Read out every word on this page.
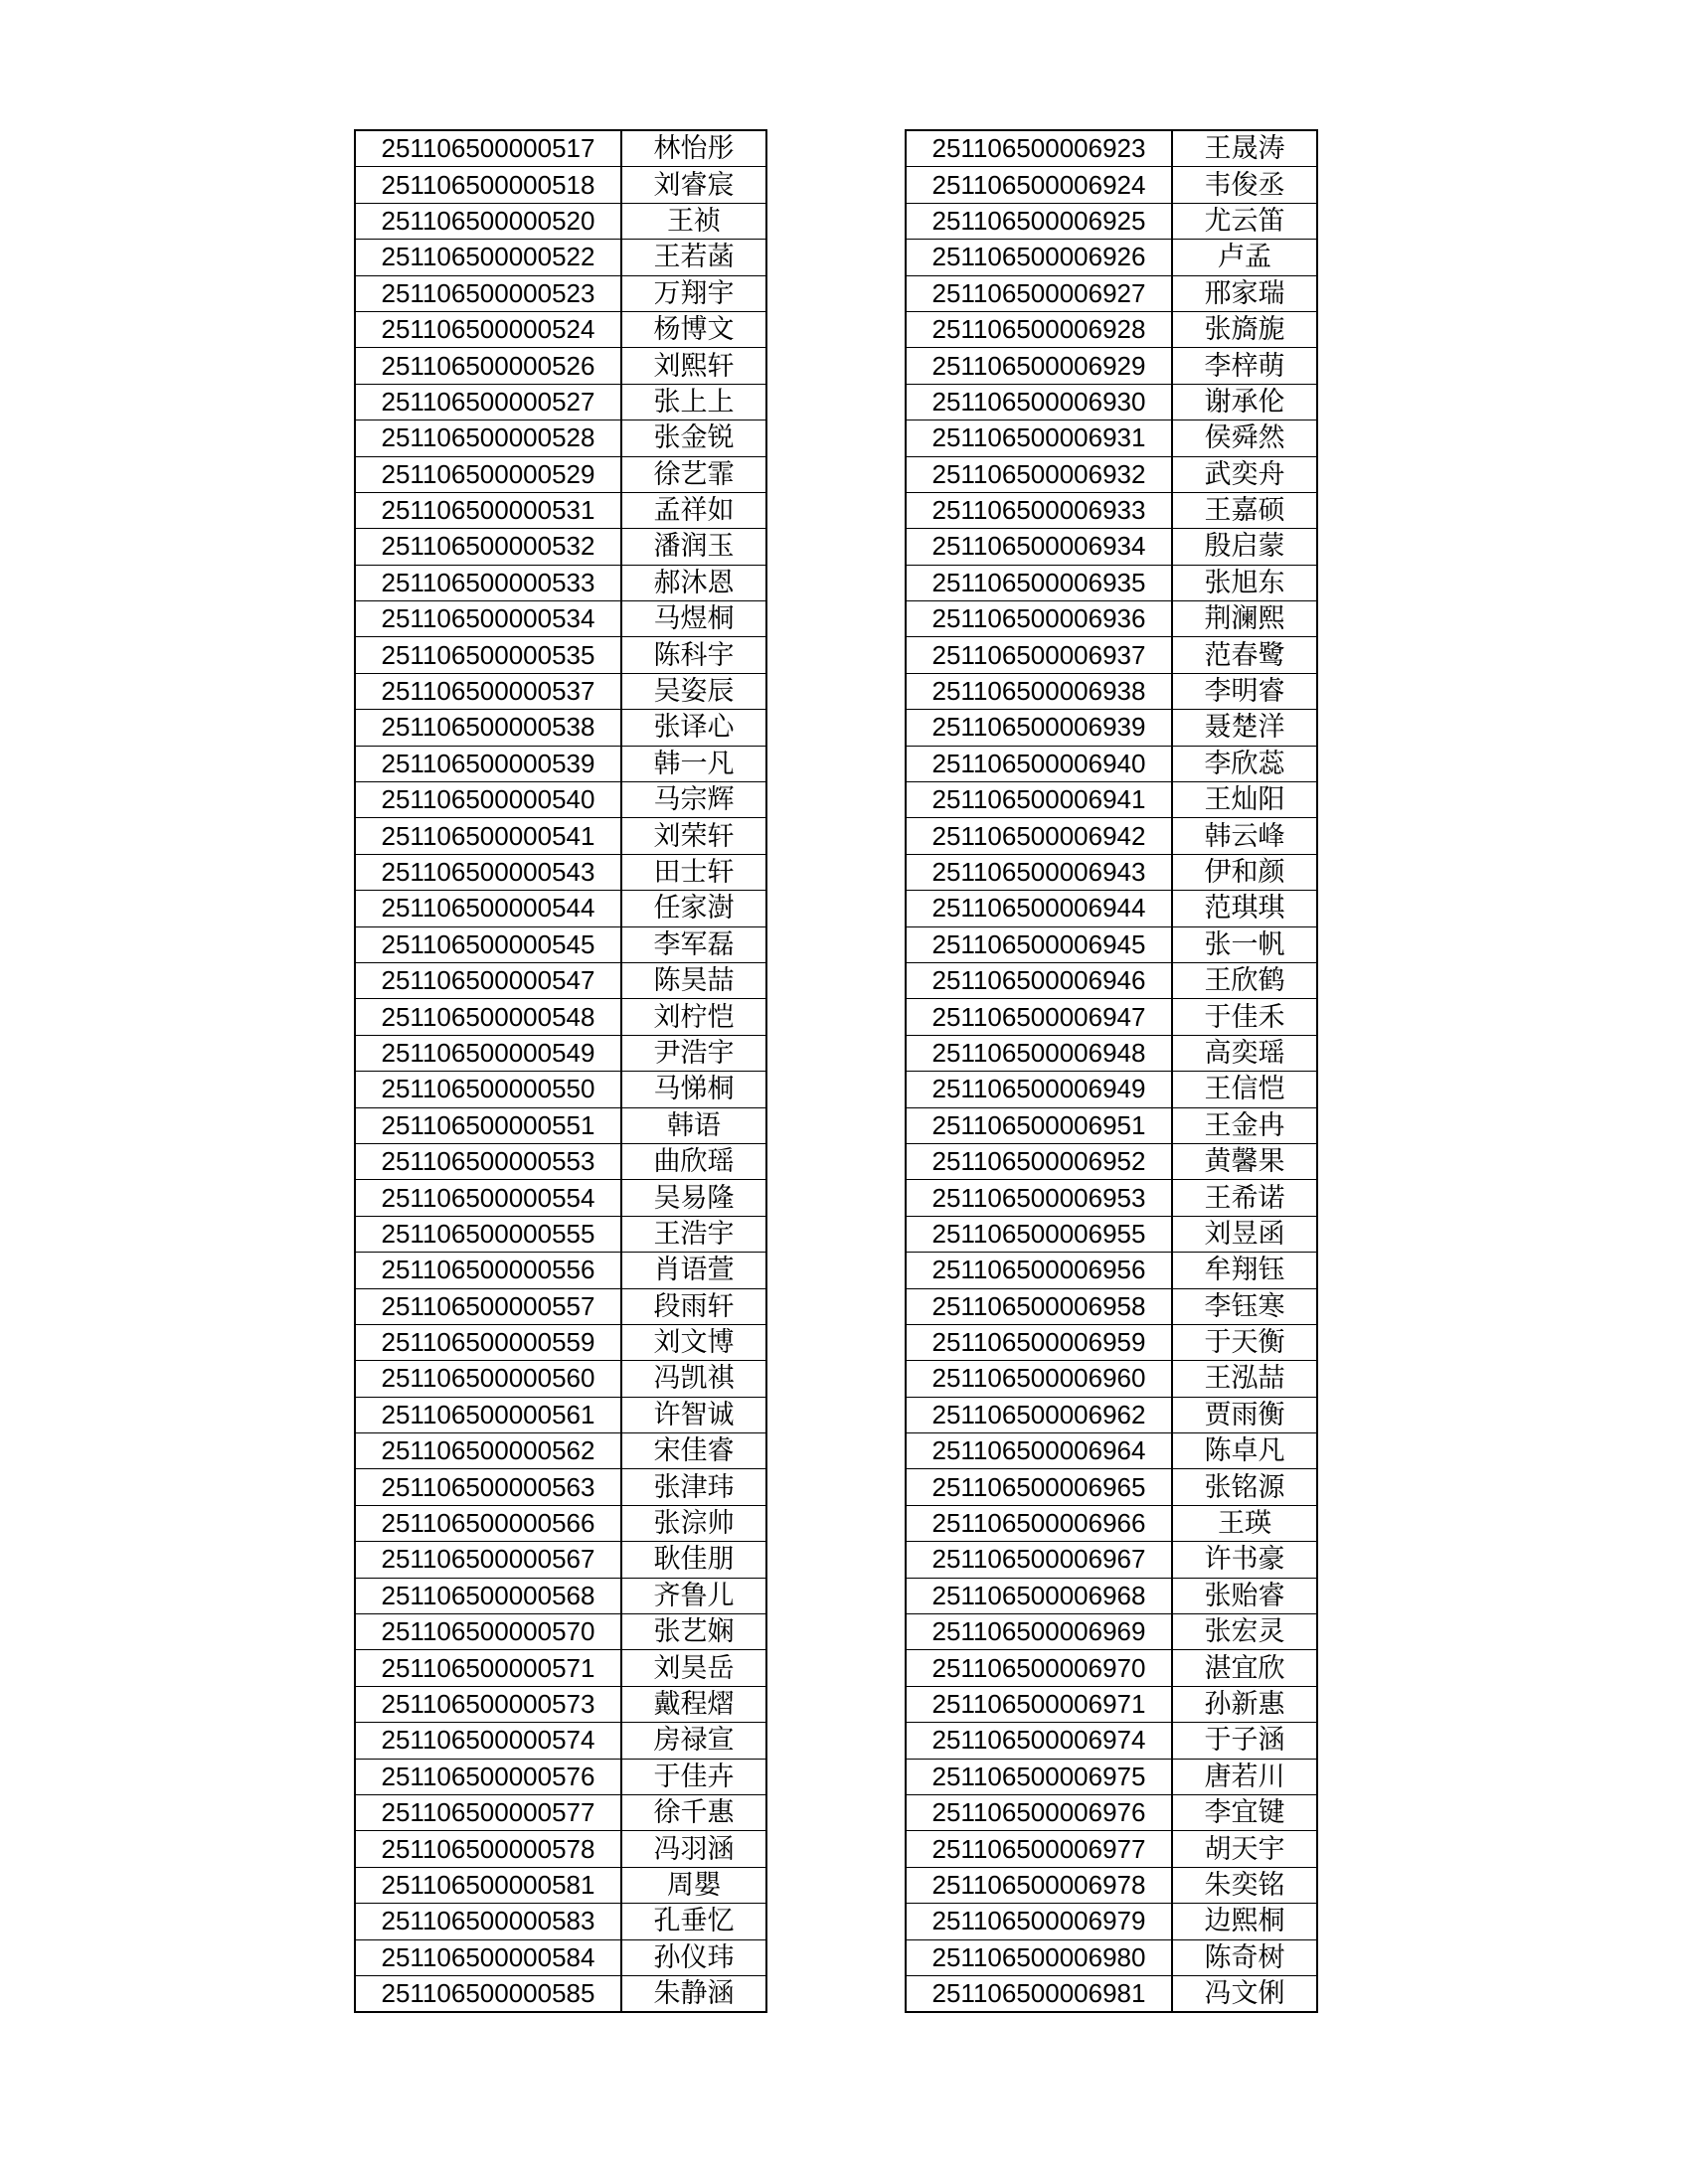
251106500000517	林怡彤
251106500000518	刘睿宸
251106500000520	王祯
251106500000522	王若菡
251106500000523	万翔宇
251106500000524	杨博文
251106500000526	刘熙轩
251106500000527	张上上
251106500000528	张金锐
251106500000529	徐艺霏
251106500000531	孟祥如
251106500000532	潘润玉
251106500000533	郝沐恩
251106500000534	马煜桐
251106500000535	陈科宇
251106500000537	吴姿辰
251106500000538	张译心
251106500000539	韩一凡
251106500000540	马宗辉
251106500000541	刘荣轩
251106500000543	田士轩
251106500000544	任家澍
251106500000545	李军磊
251106500000547	陈昊喆
251106500000548	刘柠恺
251106500000549	尹浩宇
251106500000550	马悌桐
251106500000551	韩语
251106500000553	曲欣瑶
251106500000554	吴易隆
251106500000555	王浩宇
251106500000556	肖语萱
251106500000557	段雨轩
251106500000559	刘文博
251106500000560	冯凯祺
251106500000561	许智诚
251106500000562	宋佳睿
251106500000563	张津玮
251106500000566	张淙帅
251106500000567	耿佳朋
251106500000568	齐鲁儿
251106500000570	张艺娴
251106500000571	刘昊岳
251106500000573	戴程熠
251106500000574	房禄宣
251106500000576	于佳卉
251106500000577	徐千惠
251106500000578	冯羽涵
251106500000581	周嬰
251106500000583	孔垂忆
251106500000584	孙仪玮
251106500000585	朱静涵
251106500006923	王晟涛
251106500006924	韦俊丞
251106500006925	尤云笛
251106500006926	卢孟
251106500006927	邢家瑞
251106500006928	张旖旎
251106500006929	李梓萌
251106500006930	谢承伦
251106500006931	侯舜然
251106500006932	武奕舟
251106500006933	王嘉硕
251106500006934	殷启蒙
251106500006935	张旭东
251106500006936	荆澜熙
251106500006937	范春鹭
251106500006938	李明睿
251106500006939	聂楚洋
251106500006940	李欣蕊
251106500006941	王灿阳
251106500006942	韩云峰
251106500006943	伊和颜
251106500006944	范琪琪
251106500006945	张一帆
251106500006946	王欣鹤
251106500006947	于佳禾
251106500006948	高奕瑶
251106500006949	王信恺
251106500006951	王金冉
251106500006952	黄馨果
251106500006953	王希诺
251106500006955	刘昱函
251106500006956	牟翔钰
251106500006958	李钰寒
251106500006959	于天衡
251106500006960	王泓喆
251106500006962	贾雨衡
251106500006964	陈卓凡
251106500006965	张铭源
251106500006966	王瑛
251106500006967	许书豪
251106500006968	张贻睿
251106500006969	张宏灵
251106500006970	湛宜欣
251106500006971	孙新惠
251106500006974	于子涵
251106500006975	唐若川
251106500006976	李宜键
251106500006977	胡天宇
251106500006978	朱奕铭
251106500006979	边熙桐
251106500006980	陈奇树
251106500006981	冯文俐
